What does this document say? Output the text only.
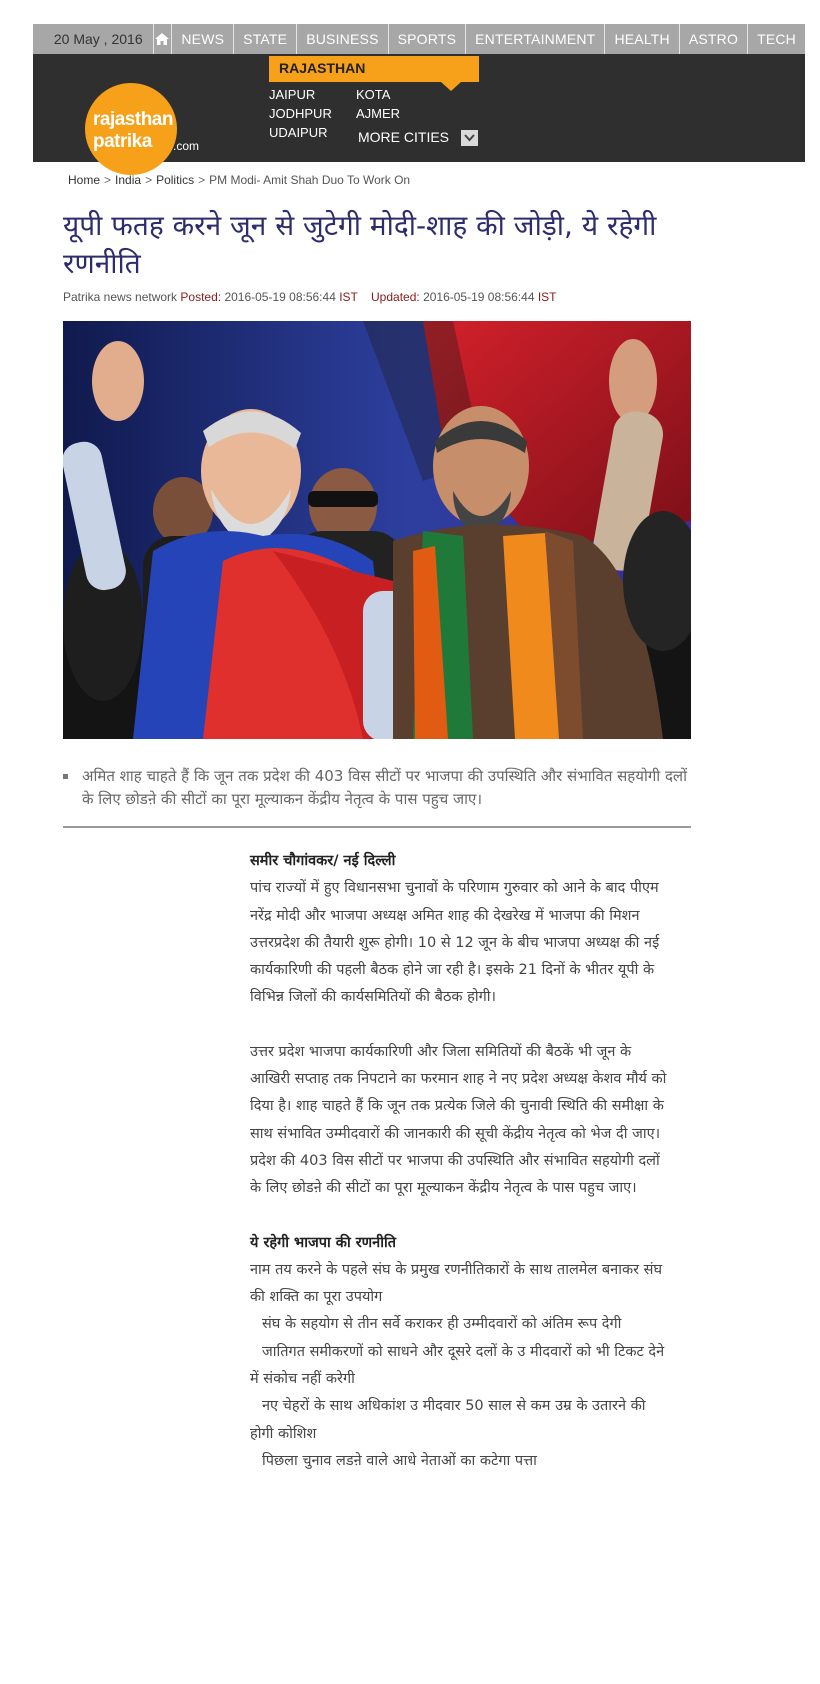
20 May , 2016	NEWS	STATE	BUSINESS	SPORTS	ENTERTAINMENT	HEALTH	ASTRO	TECH
rajasthan
patrika .com
RAJASTHAN
JAIPUR	KOTA
JODHPUR AJMER
UDAIPUR MORE CITIES
Home > India > Politics > PM Modi- Amit Shah Duo To Work On
यूपी फतह करने जून से जुटेगी मोदी-शाह की जोड़ी, ये रहेगी रणनीति
Patrika news network Posted: 2016-05-19 08:56:44 IST Updated: 2016-05-19 08:56:44 IST
अमित शाह चाहते हैं कि जून तक प्रदेश की 403 विस सीटों पर भाजपा की उपस्थिति और संभावित सहयोगी दलों के लिए छोडऩे की सीटों का पूरा मूल्याकन केंद्रीय नेतृत्व के पास पहुच जाए।
समीर चौगांवकर/ नई दिल्ली
पांच राज्यों में हुए विधानसभा चुनावों के परिणाम गुरुवार को आने के बाद पीएम नरेंद्र मोदी और भाजपा अध्यक्ष अमित शाह की देखरेख में भाजपा की मिशन उत्तरप्रदेश की तैयारी शुरू होगी। 10 से 12 जून के बीच भाजपा अध्यक्ष की नई कार्यकारिणी की पहली बैठक होने जा रही है। इसके 21 दिनों के भीतर यूपी के विभिन्न जिलों की कार्यसमितियों की बैठक होगी।
उत्तर प्रदेश भाजपा कार्यकारिणी और जिला समितियों की बैठकें भी जून के आखिरी सप्ताह तक निपटाने का फरमान शाह ने नए प्रदेश अध्यक्ष केशव मौर्य को दिया है। शाह चाहते हैं कि जून तक प्रत्येक जिले की चुनावी स्थिति की समीक्षा के साथ संभावित उम्मीदवारों की जानकारी की सूची केंद्रीय नेतृत्व को भेज दी जाए। प्रदेश की 403 विस सीटों पर भाजपा की उपस्थिति और संभावित सहयोगी दलों के लिए छोडऩे की सीटों का पूरा मूल्याकन केंद्रीय नेतृत्व के पास पहुच जाए।
ये रहेगी भाजपा की रणनीति
नाम तय करने के पहले संघ के प्रमुख रणनीतिकारों के साथ तालमेल बनाकर संघ की शक्ति का पूरा उपयोग
संघ के सहयोग से तीन सर्वे कराकर ही उम्मीदवारों को अंतिम रूप देगी
जातिगत समीकरणों को साधने और दूसरे दलों के उ मीदवारों को भी टिकट देने में संकोच नहीं करेगी
नए चेहरों के साथ अधिकांश उ मीदवार 50 साल से कम उम्र के उतारने की होगी कोशिश
पिछला चुनाव लडऩे वाले आधे नेताओं का कटेगा पत्ता
